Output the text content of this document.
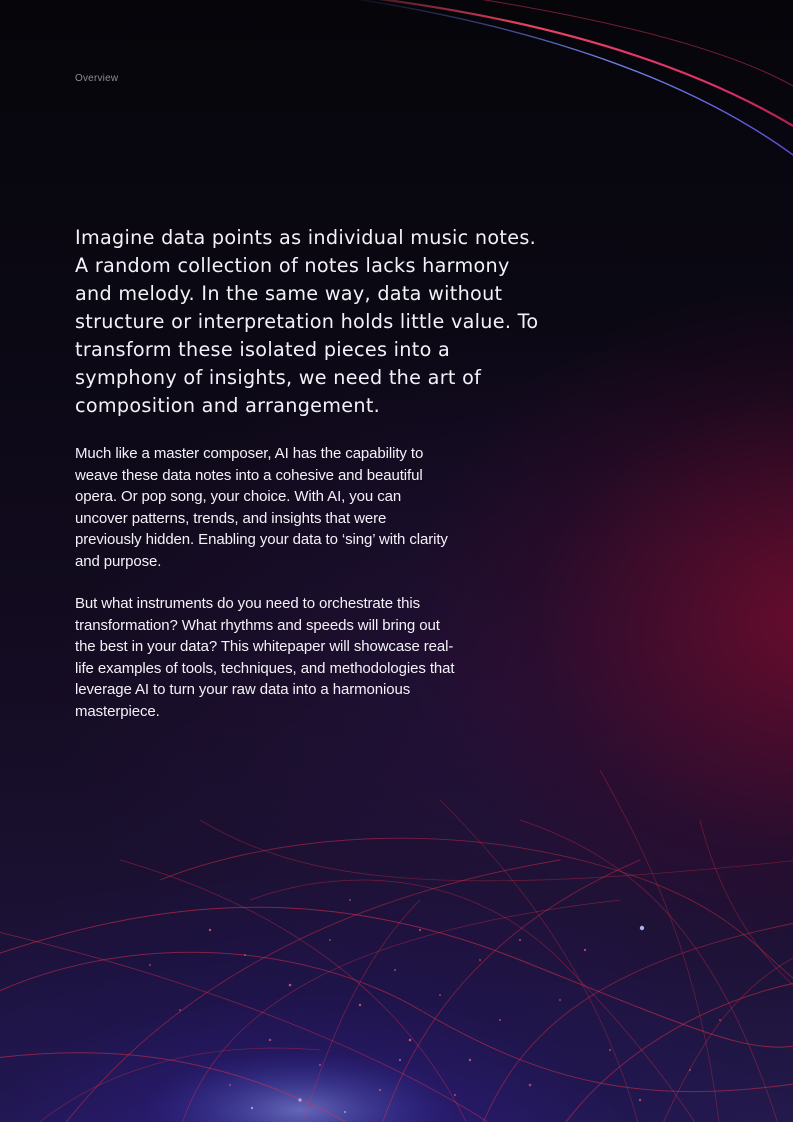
Overview

Imagine data points as individual music notes. A random collection of notes lacks harmony and melody. In the same way, data without structure or interpretation holds little value. To transform these isolated pieces into a symphony of insights, we need the art of composition and arrangement.

Much like a master composer, AI has the capability to weave these data notes into a cohesive and beautiful opera. Or pop song, your choice. With AI, you can uncover patterns, trends, and insights that were previously hidden. Enabling your data to ‘sing’ with clarity and purpose.

But what instruments do you need to orchestrate this transformation? What rhythms and speeds will bring out the best in your data? This whitepaper will showcase real-life examples of tools, techniques, and methodologies that leverage AI to turn your raw data into a harmonious masterpiece.
